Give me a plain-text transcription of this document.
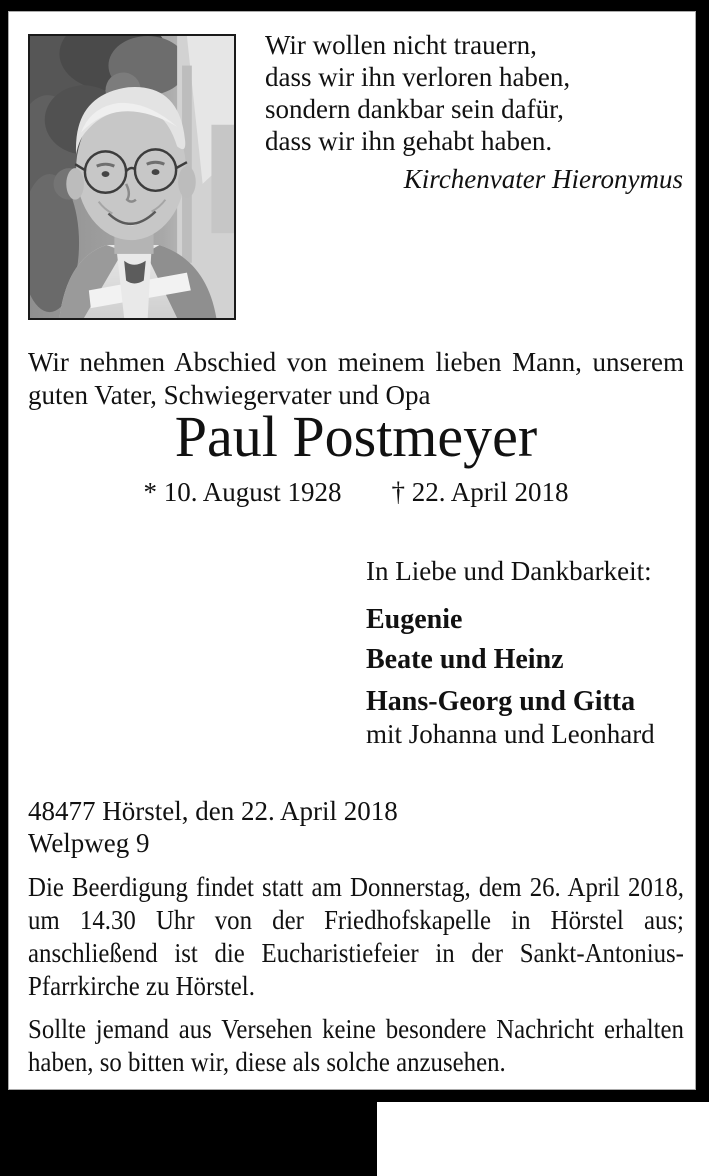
Wir wollen nicht trauern,
dass wir ihn verloren haben,
sondern dankbar sein dafür,
dass wir ihn gehabt haben.
Kirchenvater Hieronymus
Wir nehmen Abschied von meinem lieben Mann, unserem guten Vater, Schwiegervater und Opa
Paul Postmeyer
* 10. August 1928 † 22. April 2018
In Liebe und Dankbarkeit:
Eugenie
Beate und Heinz
Hans-Georg und Gitta
mit Johanna und Leonhard
48477 Hörstel, den 22. April 2018
Welpweg 9
Die Beerdigung findet statt am Donnerstag, dem 26. April 2018, um 14.30 Uhr von der Friedhofskapelle in Hörstel aus; anschließend ist die Eucharistiefeier in der Sankt-Antonius-Pfarrkirche zu Hörstel.
Sollte jemand aus Versehen keine besondere Nachricht erhalten haben, so bitten wir, diese als solche anzusehen.
